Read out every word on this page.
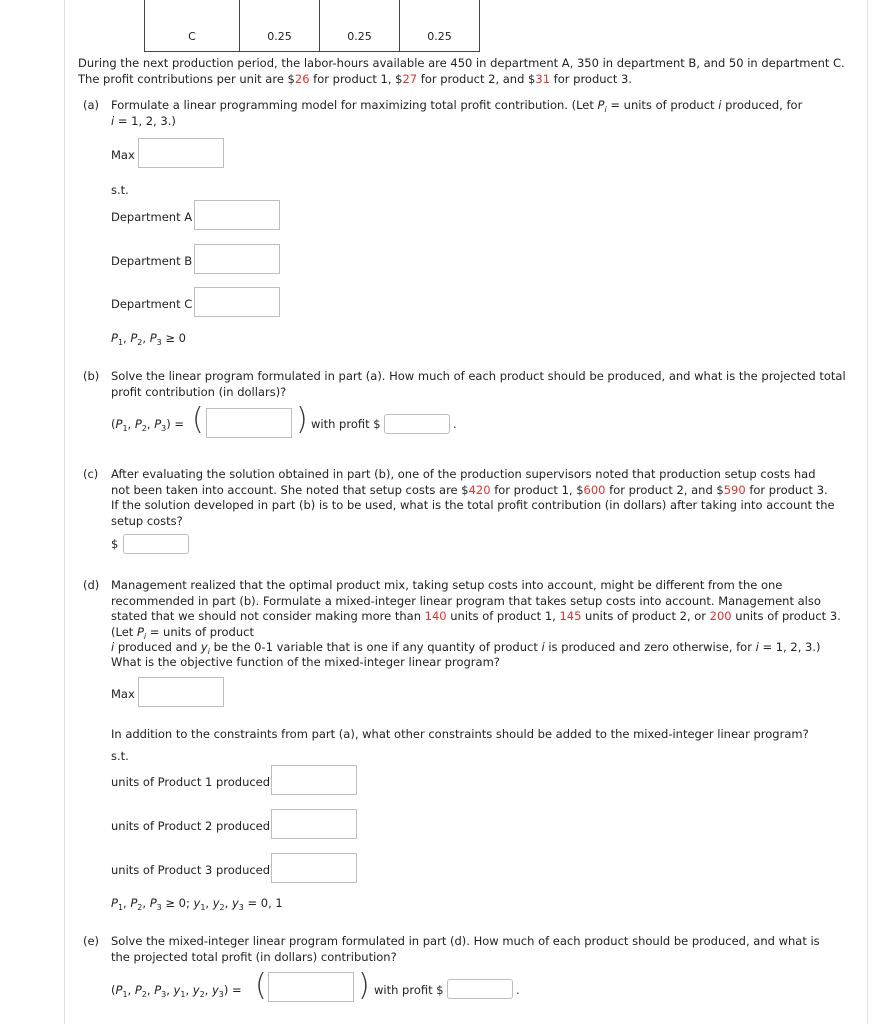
C	0.25	0.25	0.25
During the next production period, the labor-hours available are 450 in department A, 350 in department B, and 50 in department C.
The profit contributions per unit are $26 for product 1, $27 for product 2, and $31 for product 3.
(a) Formulate a linear programming model for maximizing total profit contribution. (Let $P_i$ = units of product i produced, for
i = 1, 2, 3.)
Max
s.t.
Department A
Department B
Department C
$P_1$, $P_2$, $P_3 \ge 0$
(b) Solve the linear program formulated in part (a). How much of each product should be produced, and what is the projected total profit contribution (in dollars)?
($P_1$, $P_2$, $P_3$) = (	) with profit $	.
(c) After evaluating the solution obtained in part (b), one of the production supervisors noted that production setup costs had not been taken into account. She noted that setup costs are $420 for product 1, $600 for product 2, and $590 for product 3. If the solution developed in part (b) is to be used, what is the total profit contribution (in dollars) after taking into account the setup costs?
$
(d) Management realized that the optimal product mix, taking setup costs into account, might be different from the one recommended in part (b). Formulate a mixed-integer linear program that takes setup costs into account. Management also stated that we should not consider making more than 140 units of product 1, 145 units of product 2, or 200 units of product 3. (Let $P_i$ = units of product
i produced and $y_i$ be the 0-1 variable that is one if any quantity of product i is produced and zero otherwise, for i = 1, 2, 3.)
What is the objective function of the mixed-integer linear program?
Max
In addition to the constraints from part (a), what other constraints should be added to the mixed-integer linear program?
s.t.
units of Product 1 produced
units of Product 2 produced
units of Product 3 produced
$P_1$, $P_2$, $P_3 \ge 0$; $y_1$, $y_2$, $y_3 = 0$, 1
(e) Solve the mixed-integer linear program formulated in part (d). How much of each product should be produced, and what is the projected total profit (in dollars) contribution?
($P_1$, $P_2$, $P_3$, $y_1$, $y_2$, $y_3$) = (	) with profit $	.
